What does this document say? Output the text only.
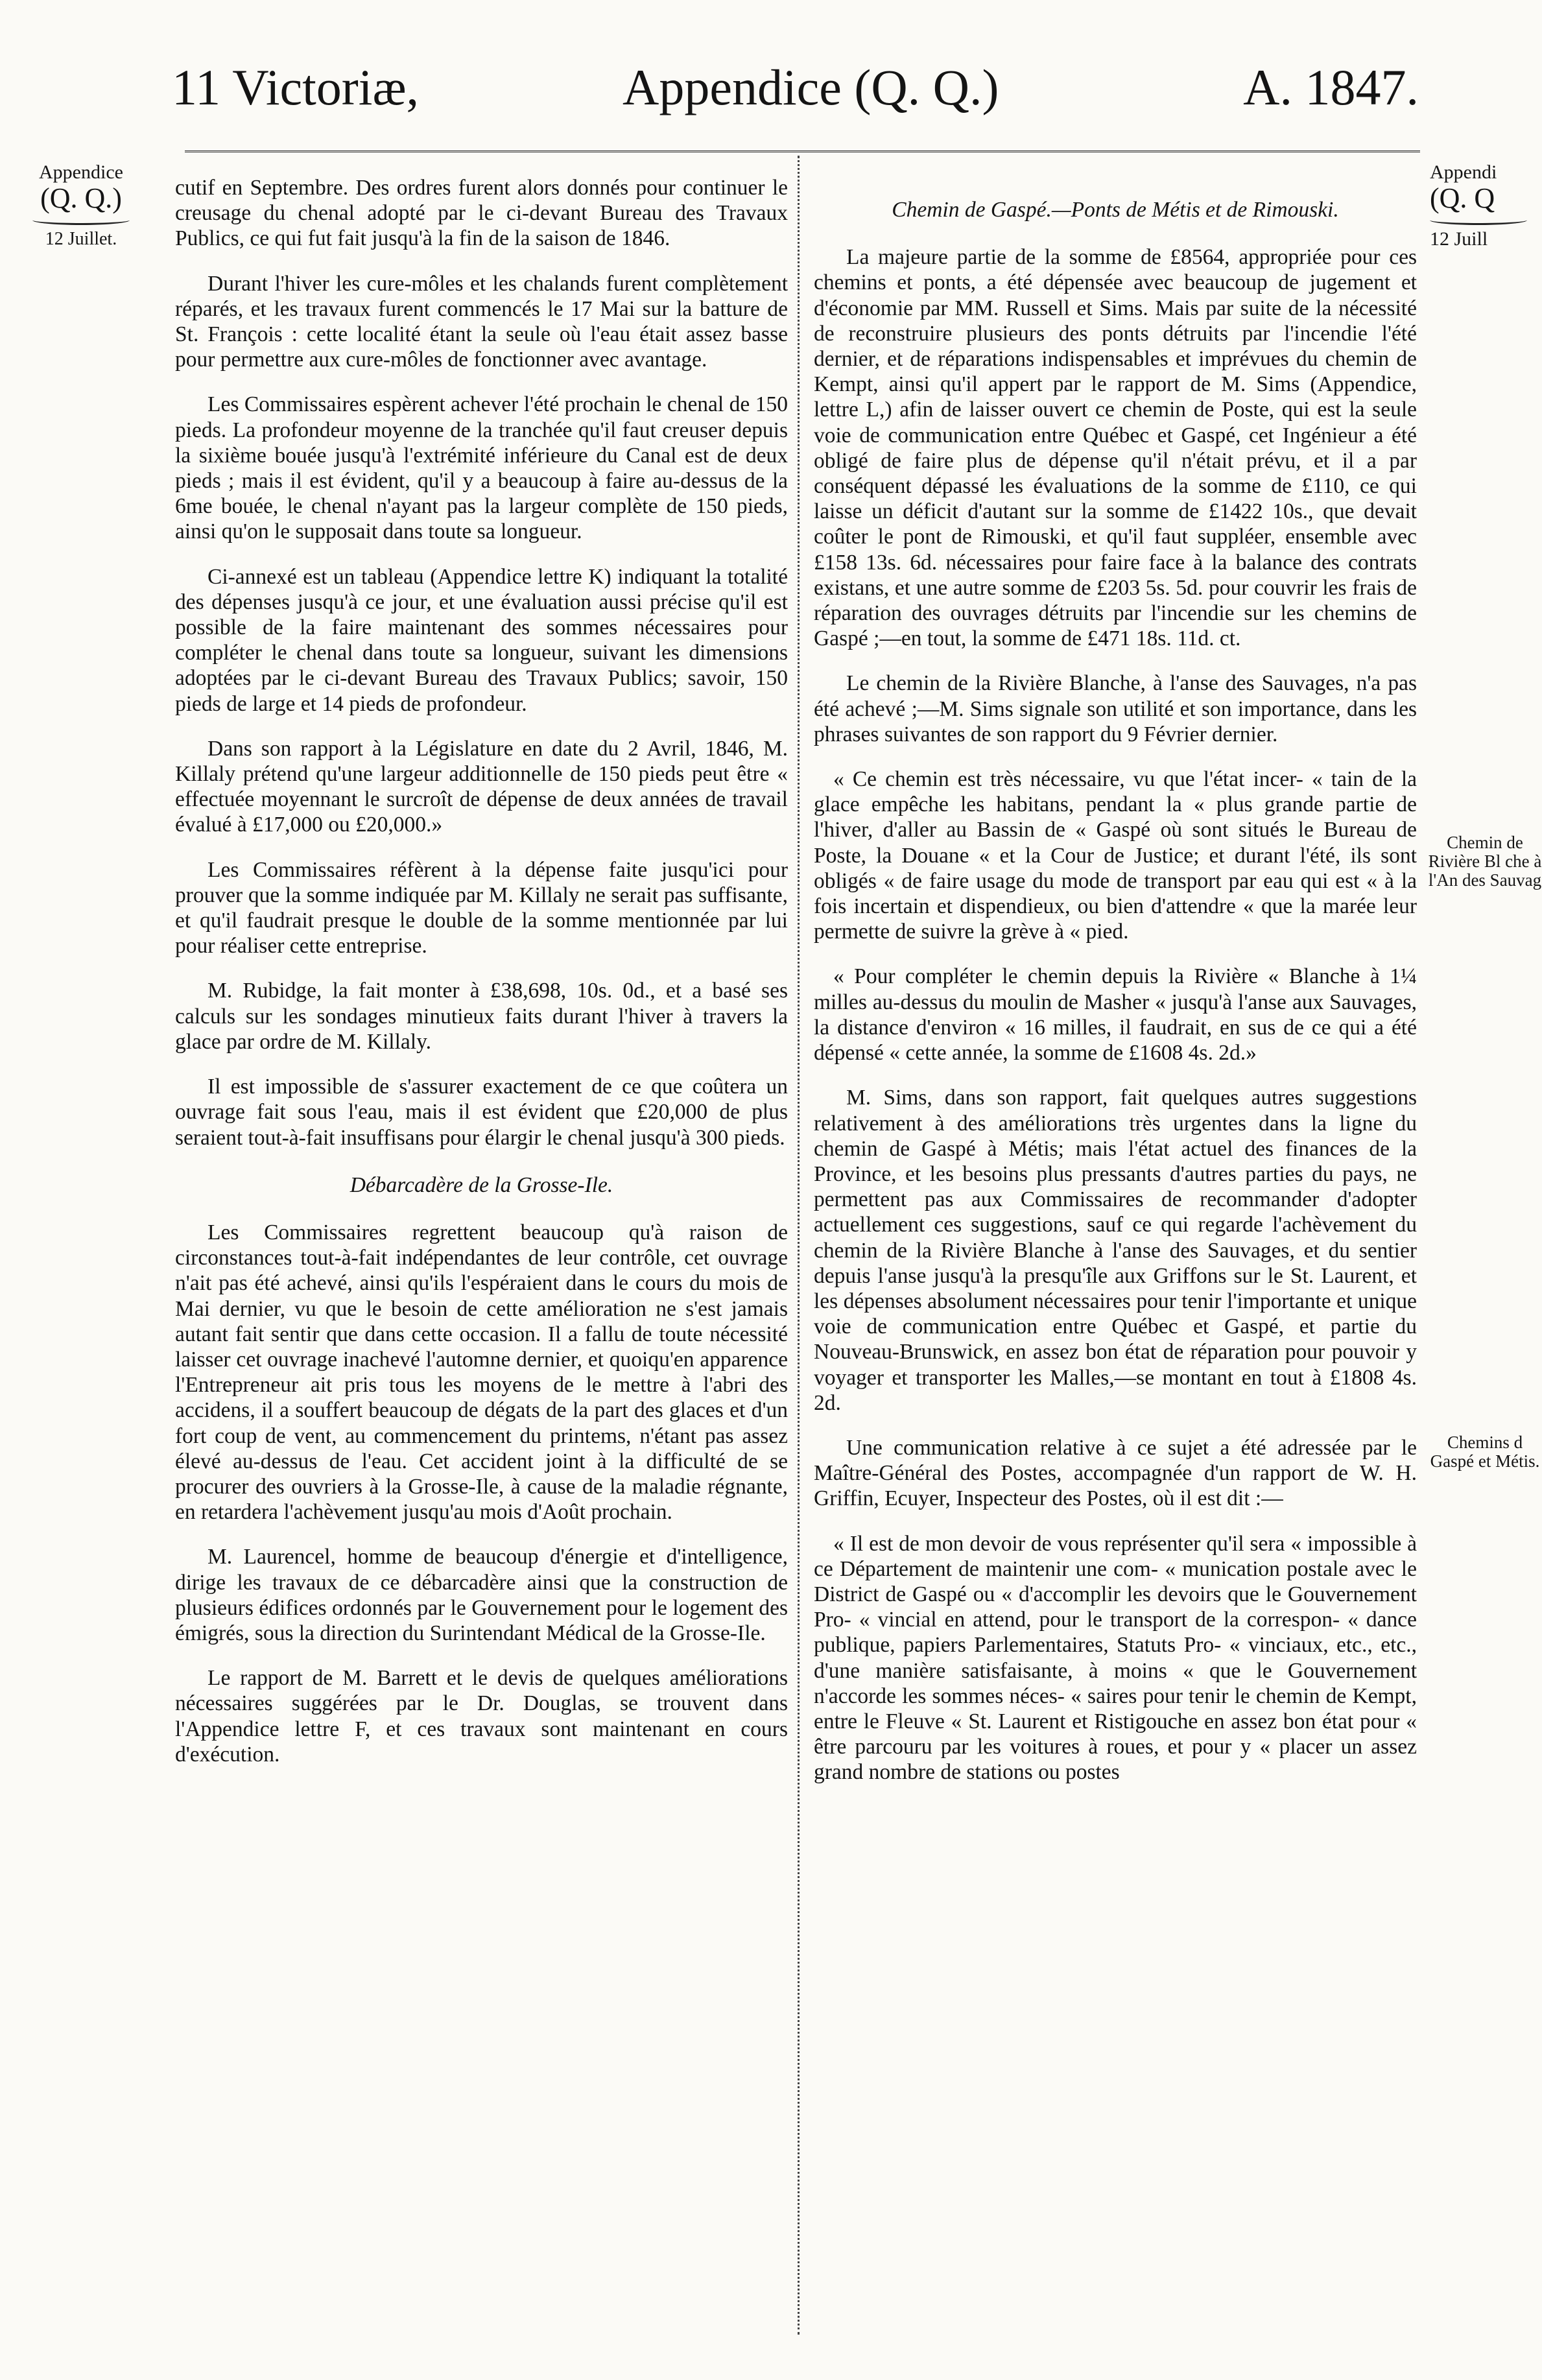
11 Victoriæ,	Appendice (Q. Q.)	A. 1847.
Appendice
(Q. Q.)
12 Juillet.
Appendi
(Q. Q
12 Juill
Chemin de Rivière Bl che à l'An des Sauvag
Chemins d Gaspé et Métis.

cutif en Septembre. Des ordres furent alors donnés pour continuer le creusage du chenal adopté par le ci-devant Bureau des Travaux Publics, ce qui fut fait jusqu'à la fin de la saison de 1846.

Durant l'hiver les cure-môles et les chalands furent complètement réparés, et les travaux furent commencés le 17 Mai sur la batture de St. François : cette localité étant la seule où l'eau était assez basse pour permettre aux cure-môles de fonctionner avec avantage.

Les Commissaires espèrent achever l'été prochain le chenal de 150 pieds. La profondeur moyenne de la tranchée qu'il faut creuser depuis la sixième bouée jusqu'à l'extrémité inférieure du Canal est de deux pieds ; mais il est évident, qu'il y a beaucoup à faire au-dessus de la 6me bouée, le chenal n'ayant pas la largeur complète de 150 pieds, ainsi qu'on le supposait dans toute sa longueur.

Ci-annexé est un tableau (Appendice lettre K) indiquant la totalité des dépenses jusqu'à ce jour, et une évaluation aussi précise qu'il est possible de la faire maintenant des sommes nécessaires pour compléter le chenal dans toute sa longueur, suivant les dimensions adoptées par le ci-devant Bureau des Travaux Publics; savoir, 150 pieds de large et 14 pieds de profondeur.

Dans son rapport à la Législature en date du 2 Avril, 1846, M. Killaly prétend qu'une largeur additionnelle de 150 pieds peut être « effectuée moyennant le surcroît de dépense de deux années de travail évalué à £17,000 ou £20,000.»

Les Commissaires réfèrent à la dépense faite jusqu'ici pour prouver que la somme indiquée par M. Killaly ne serait pas suffisante, et qu'il faudrait presque le double de la somme mentionnée par lui pour réaliser cette entreprise.

M. Rubidge, la fait monter à £38,698, 10s. 0d., et a basé ses calculs sur les sondages minutieux faits durant l'hiver à travers la glace par ordre de M. Killaly.

Il est impossible de s'assurer exactement de ce que coûtera un ouvrage fait sous l'eau, mais il est évident que £20,000 de plus seraient tout-à-fait insuffisans pour élargir le chenal jusqu'à 300 pieds.

Débarcadère de la Grosse-Ile.

Les Commissaires regrettent beaucoup qu'à raison de circonstances tout-à-fait indépendantes de leur contrôle, cet ouvrage n'ait pas été achevé, ainsi qu'ils l'espéraient dans le cours du mois de Mai dernier, vu que le besoin de cette amélioration ne s'est jamais autant fait sentir que dans cette occasion. Il a fallu de toute nécessité laisser cet ouvrage inachevé l'automne dernier, et quoiqu'en apparence l'Entrepreneur ait pris tous les moyens de le mettre à l'abri des accidens, il a souffert beaucoup de dégats de la part des glaces et d'un fort coup de vent, au commencement du printems, n'étant pas assez élevé au-dessus de l'eau. Cet accident joint à la difficulté de se procurer des ouvriers à la Grosse-Ile, à cause de la maladie régnante, en retardera l'achèvement jusqu'au mois d'Août prochain.

M. Laurencel, homme de beaucoup d'énergie et d'intelligence, dirige les travaux de ce débarcadère ainsi que la construction de plusieurs édifices ordonnés par le Gouvernement pour le logement des émigrés, sous la direction du Surintendant Médical de la Grosse-Ile.

Le rapport de M. Barrett et le devis de quelques améliorations nécessaires suggérées par le Dr. Douglas, se trouvent dans l'Appendice lettre F, et ces travaux sont maintenant en cours d'exécution.

Chemin de Gaspé.—Ponts de Métis et de Rimouski.

La majeure partie de la somme de £8564, appropriée pour ces chemins et ponts, a été dépensée avec beaucoup de jugement et d'économie par MM. Russell et Sims. Mais par suite de la nécessité de reconstruire plusieurs des ponts détruits par l'incendie l'été dernier, et de réparations indispensables et imprévues du chemin de Kempt, ainsi qu'il appert par le rapport de M. Sims (Appendice, lettre L,) afin de laisser ouvert ce chemin de Poste, qui est la seule voie de communication entre Québec et Gaspé, cet Ingénieur a été obligé de faire plus de dépense qu'il n'était prévu, et il a par conséquent dépassé les évaluations de la somme de £110, ce qui laisse un déficit d'autant sur la somme de £1422 10s., que devait coûter le pont de Rimouski, et qu'il faut suppléer, ensemble avec £158 13s. 6d. nécessaires pour faire face à la balance des contrats existans, et une autre somme de £203 5s. 5d. pour couvrir les frais de réparation des ouvrages détruits par l'incendie sur les chemins de Gaspé ;—en tout, la somme de £471 18s. 11d. ct.

Le chemin de la Rivière Blanche, à l'anse des Sauvages, n'a pas été achevé ;—M. Sims signale son utilité et son importance, dans les phrases suivantes de son rapport du 9 Février dernier.

« Ce chemin est très nécessaire, vu que l'état incer- « tain de la glace empêche les habitans, pendant la « plus grande partie de l'hiver, d'aller au Bassin de « Gaspé où sont situés le Bureau de Poste, la Douane « et la Cour de Justice; et durant l'été, ils sont obligés « de faire usage du mode de transport par eau qui est « à la fois incertain et dispendieux, ou bien d'attendre « que la marée leur permette de suivre la grève à « pied.

« Pour compléter le chemin depuis la Rivière « Blanche à 1¼ milles au-dessus du moulin de Masher « jusqu'à l'anse aux Sauvages, la distance d'environ « 16 milles, il faudrait, en sus de ce qui a été dépensé « cette année, la somme de £1608 4s. 2d.»

M. Sims, dans son rapport, fait quelques autres suggestions relativement à des améliorations très urgentes dans la ligne du chemin de Gaspé à Métis; mais l'état actuel des finances de la Province, et les besoins plus pressants d'autres parties du pays, ne permettent pas aux Commissaires de recommander d'adopter actuellement ces suggestions, sauf ce qui regarde l'achèvement du chemin de la Rivière Blanche à l'anse des Sauvages, et du sentier depuis l'anse jusqu'à la presqu'île aux Griffons sur le St. Laurent, et les dépenses absolument nécessaires pour tenir l'importante et unique voie de communication entre Québec et Gaspé, et partie du Nouveau-Brunswick, en assez bon état de réparation pour pouvoir y voyager et transporter les Malles,—se montant en tout à £1808 4s. 2d.

Une communication relative à ce sujet a été adressée par le Maître-Général des Postes, accompagnée d'un rapport de W. H. Griffin, Ecuyer, Inspecteur des Postes, où il est dit :—

« Il est de mon devoir de vous représenter qu'il sera « impossible à ce Département de maintenir une com- « munication postale avec le District de Gaspé ou « d'accomplir les devoirs que le Gouvernement Pro- « vincial en attend, pour le transport de la correspon- « dance publique, papiers Parlementaires, Statuts Pro- « vinciaux, etc., etc., d'une manière satisfaisante, à moins « que le Gouvernement n'accorde les sommes néces- « saires pour tenir le chemin de Kempt, entre le Fleuve « St. Laurent et Ristigouche en assez bon état pour « être parcouru par les voitures à roues, et pour y « placer un assez grand nombre de stations ou postes
